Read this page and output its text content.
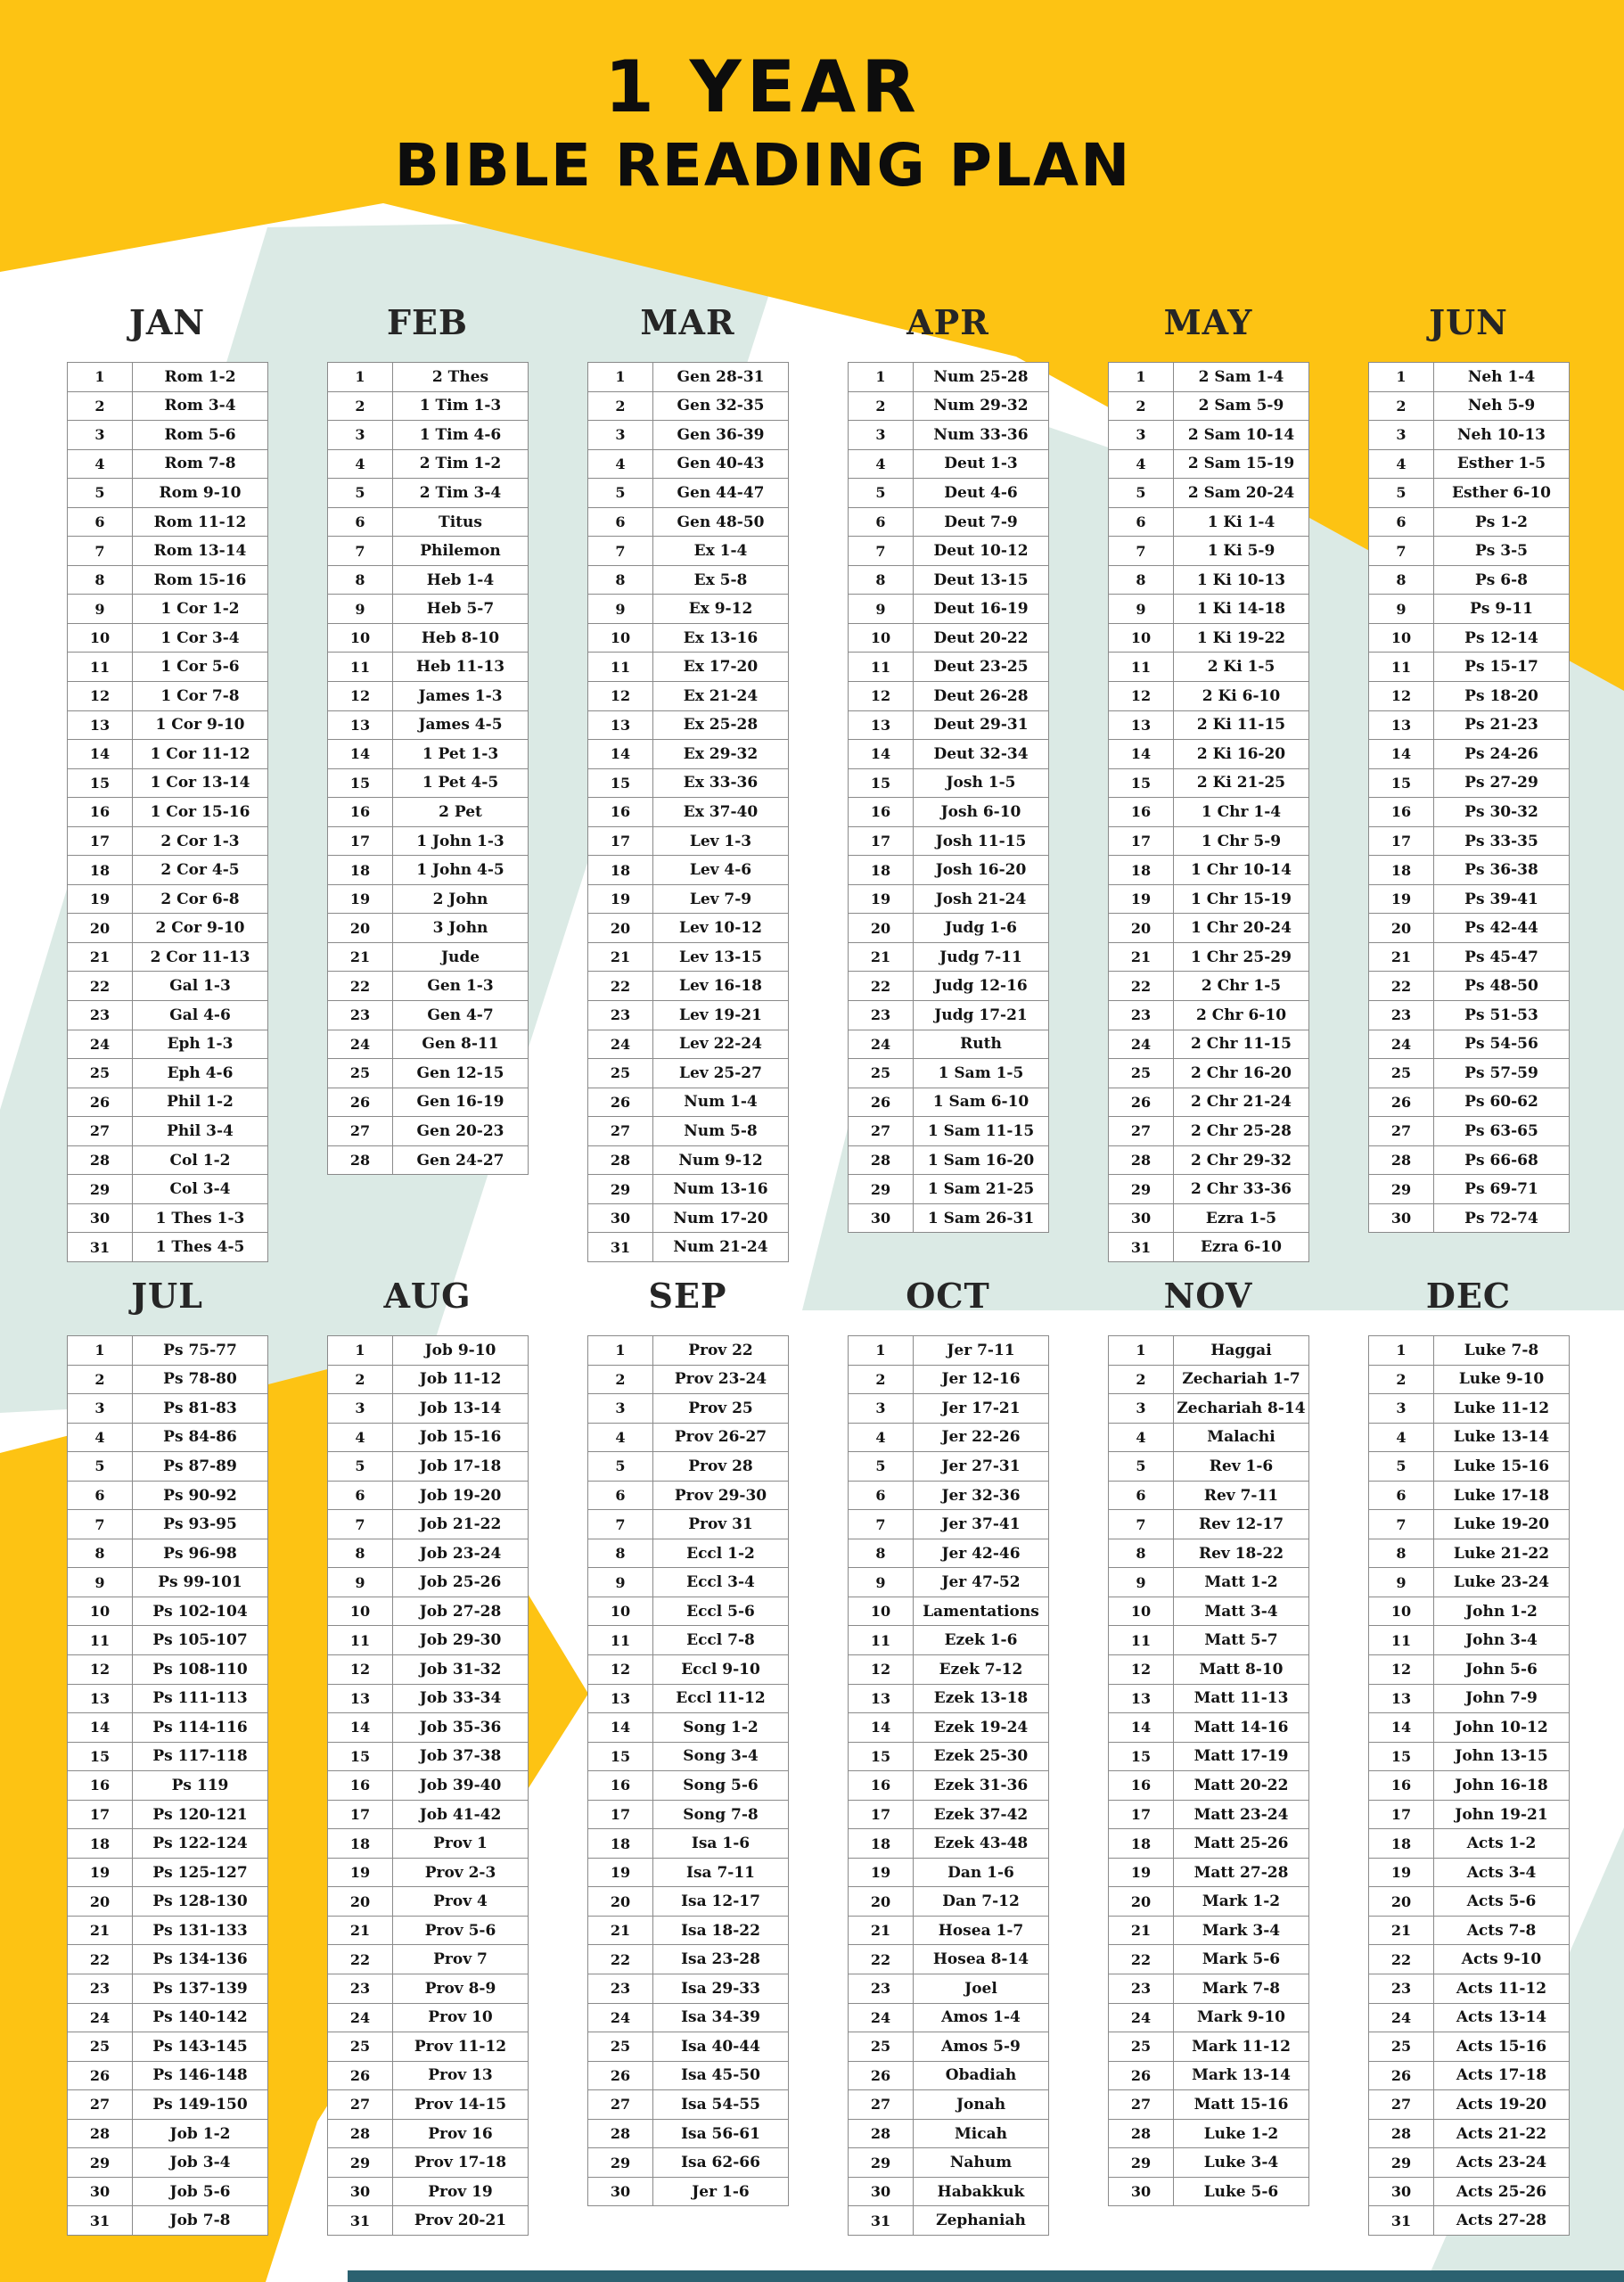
1 YEAR
BIBLE READING PLAN
JAN
1	Rom 1-2
2	Rom 3-4
3	Rom 5-6
4	Rom 7-8
5	Rom 9-10
6	Rom 11-12
7	Rom 13-14
8	Rom 15-16
9	1 Cor 1-2
10	1 Cor 3-4
11	1 Cor 5-6
12	1 Cor 7-8
13	1 Cor 9-10
14	1 Cor 11-12
15	1 Cor 13-14
16	1 Cor 15-16
17	2 Cor 1-3
18	2 Cor 4-5
19	2 Cor 6-8
20	2 Cor 9-10
21	2 Cor 11-13
22	Gal 1-3
23	Gal 4-6
24	Eph 1-3
25	Eph 4-6
26	Phil 1-2
27	Phil 3-4
28	Col 1-2
29	Col 3-4
30	1 Thes 1-3
31	1 Thes 4-5
FEB
1	2 Thes
2	1 Tim 1-3
3	1 Tim 4-6
4	2 Tim 1-2
5	2 Tim 3-4
6	Titus
7	Philemon
8	Heb 1-4
9	Heb 5-7
10	Heb 8-10
11	Heb 11-13
12	James 1-3
13	James 4-5
14	1 Pet 1-3
15	1 Pet 4-5
16	2 Pet
17	1 John 1-3
18	1 John 4-5
19	2 John
20	3 John
21	Jude
22	Gen 1-3
23	Gen 4-7
24	Gen 8-11
25	Gen 12-15
26	Gen 16-19
27	Gen 20-23
28	Gen 24-27
MAR
1	Gen 28-31
2	Gen 32-35
3	Gen 36-39
4	Gen 40-43
5	Gen 44-47
6	Gen 48-50
7	Ex 1-4
8	Ex 5-8
9	Ex 9-12
10	Ex 13-16
11	Ex 17-20
12	Ex 21-24
13	Ex 25-28
14	Ex 29-32
15	Ex 33-36
16	Ex 37-40
17	Lev 1-3
18	Lev 4-6
19	Lev 7-9
20	Lev 10-12
21	Lev 13-15
22	Lev 16-18
23	Lev 19-21
24	Lev 22-24
25	Lev 25-27
26	Num 1-4
27	Num 5-8
28	Num 9-12
29	Num 13-16
30	Num 17-20
31	Num 21-24
APR
1	Num 25-28
2	Num 29-32
3	Num 33-36
4	Deut 1-3
5	Deut 4-6
6	Deut 7-9
7	Deut 10-12
8	Deut 13-15
9	Deut 16-19
10	Deut 20-22
11	Deut 23-25
12	Deut 26-28
13	Deut 29-31
14	Deut 32-34
15	Josh 1-5
16	Josh 6-10
17	Josh 11-15
18	Josh 16-20
19	Josh 21-24
20	Judg 1-6
21	Judg 7-11
22	Judg 12-16
23	Judg 17-21
24	Ruth
25	1 Sam 1-5
26	1 Sam 6-10
27	1 Sam 11-15
28	1 Sam 16-20
29	1 Sam 21-25
30	1 Sam 26-31
MAY
1	2 Sam 1-4
2	2 Sam 5-9
3	2 Sam 10-14
4	2 Sam 15-19
5	2 Sam 20-24
6	1 Ki 1-4
7	1 Ki 5-9
8	1 Ki 10-13
9	1 Ki 14-18
10	1 Ki 19-22
11	2 Ki 1-5
12	2 Ki 6-10
13	2 Ki 11-15
14	2 Ki 16-20
15	2 Ki 21-25
16	1 Chr 1-4
17	1 Chr 5-9
18	1 Chr 10-14
19	1 Chr 15-19
20	1 Chr 20-24
21	1 Chr 25-29
22	2 Chr 1-5
23	2 Chr 6-10
24	2 Chr 11-15
25	2 Chr 16-20
26	2 Chr 21-24
27	2 Chr 25-28
28	2 Chr 29-32
29	2 Chr 33-36
30	Ezra 1-5
31	Ezra 6-10
JUN
1	Neh 1-4
2	Neh 5-9
3	Neh 10-13
4	Esther 1-5
5	Esther 6-10
6	Ps 1-2
7	Ps 3-5
8	Ps 6-8
9	Ps 9-11
10	Ps 12-14
11	Ps 15-17
12	Ps 18-20
13	Ps 21-23
14	Ps 24-26
15	Ps 27-29
16	Ps 30-32
17	Ps 33-35
18	Ps 36-38
19	Ps 39-41
20	Ps 42-44
21	Ps 45-47
22	Ps 48-50
23	Ps 51-53
24	Ps 54-56
25	Ps 57-59
26	Ps 60-62
27	Ps 63-65
28	Ps 66-68
29	Ps 69-71
30	Ps 72-74
JUL
1	Ps 75-77
2	Ps 78-80
3	Ps 81-83
4	Ps 84-86
5	Ps 87-89
6	Ps 90-92
7	Ps 93-95
8	Ps 96-98
9	Ps 99-101
10	Ps 102-104
11	Ps 105-107
12	Ps 108-110
13	Ps 111-113
14	Ps 114-116
15	Ps 117-118
16	Ps 119
17	Ps 120-121
18	Ps 122-124
19	Ps 125-127
20	Ps 128-130
21	Ps 131-133
22	Ps 134-136
23	Ps 137-139
24	Ps 140-142
25	Ps 143-145
26	Ps 146-148
27	Ps 149-150
28	Job 1-2
29	Job 3-4
30	Job 5-6
31	Job 7-8
AUG
1	Job 9-10
2	Job 11-12
3	Job 13-14
4	Job 15-16
5	Job 17-18
6	Job 19-20
7	Job 21-22
8	Job 23-24
9	Job 25-26
10	Job 27-28
11	Job 29-30
12	Job 31-32
13	Job 33-34
14	Job 35-36
15	Job 37-38
16	Job 39-40
17	Job 41-42
18	Prov 1
19	Prov 2-3
20	Prov 4
21	Prov 5-6
22	Prov 7
23	Prov 8-9
24	Prov 10
25	Prov 11-12
26	Prov 13
27	Prov 14-15
28	Prov 16
29	Prov 17-18
30	Prov 19
31	Prov 20-21
SEP
1	Prov 22
2	Prov 23-24
3	Prov 25
4	Prov 26-27
5	Prov 28
6	Prov 29-30
7	Prov 31
8	Eccl 1-2
9	Eccl 3-4
10	Eccl 5-6
11	Eccl 7-8
12	Eccl 9-10
13	Eccl 11-12
14	Song 1-2
15	Song 3-4
16	Song 5-6
17	Song 7-8
18	Isa 1-6
19	Isa 7-11
20	Isa 12-17
21	Isa 18-22
22	Isa 23-28
23	Isa 29-33
24	Isa 34-39
25	Isa 40-44
26	Isa 45-50
27	Isa 54-55
28	Isa 56-61
29	Isa 62-66
30	Jer 1-6
OCT
1	Jer 7-11
2	Jer 12-16
3	Jer 17-21
4	Jer 22-26
5	Jer 27-31
6	Jer 32-36
7	Jer 37-41
8	Jer 42-46
9	Jer 47-52
10	Lamentations
11	Ezek 1-6
12	Ezek 7-12
13	Ezek 13-18
14	Ezek 19-24
15	Ezek 25-30
16	Ezek 31-36
17	Ezek 37-42
18	Ezek 43-48
19	Dan 1-6
20	Dan 7-12
21	Hosea 1-7
22	Hosea 8-14
23	Joel
24	Amos 1-4
25	Amos 5-9
26	Obadiah
27	Jonah
28	Micah
29	Nahum
30	Habakkuk
31	Zephaniah
NOV
1	Haggai
2	Zechariah 1-7
3	Zechariah 8-14
4	Malachi
5	Rev 1-6
6	Rev 7-11
7	Rev 12-17
8	Rev 18-22
9	Matt 1-2
10	Matt 3-4
11	Matt 5-7
12	Matt 8-10
13	Matt 11-13
14	Matt 14-16
15	Matt 17-19
16	Matt 20-22
17	Matt 23-24
18	Matt 25-26
19	Matt 27-28
20	Mark 1-2
21	Mark 3-4
22	Mark 5-6
23	Mark 7-8
24	Mark 9-10
25	Mark 11-12
26	Mark 13-14
27	Matt 15-16
28	Luke 1-2
29	Luke 3-4
30	Luke 5-6
DEC
1	Luke 7-8
2	Luke 9-10
3	Luke 11-12
4	Luke 13-14
5	Luke 15-16
6	Luke 17-18
7	Luke 19-20
8	Luke 21-22
9	Luke 23-24
10	John 1-2
11	John 3-4
12	John 5-6
13	John 7-9
14	John 10-12
15	John 13-15
16	John 16-18
17	John 19-21
18	Acts 1-2
19	Acts 3-4
20	Acts 5-6
21	Acts 7-8
22	Acts 9-10
23	Acts 11-12
24	Acts 13-14
25	Acts 15-16
26	Acts 17-18
27	Acts 19-20
28	Acts 21-22
29	Acts 23-24
30	Acts 25-26
31	Acts 27-28
